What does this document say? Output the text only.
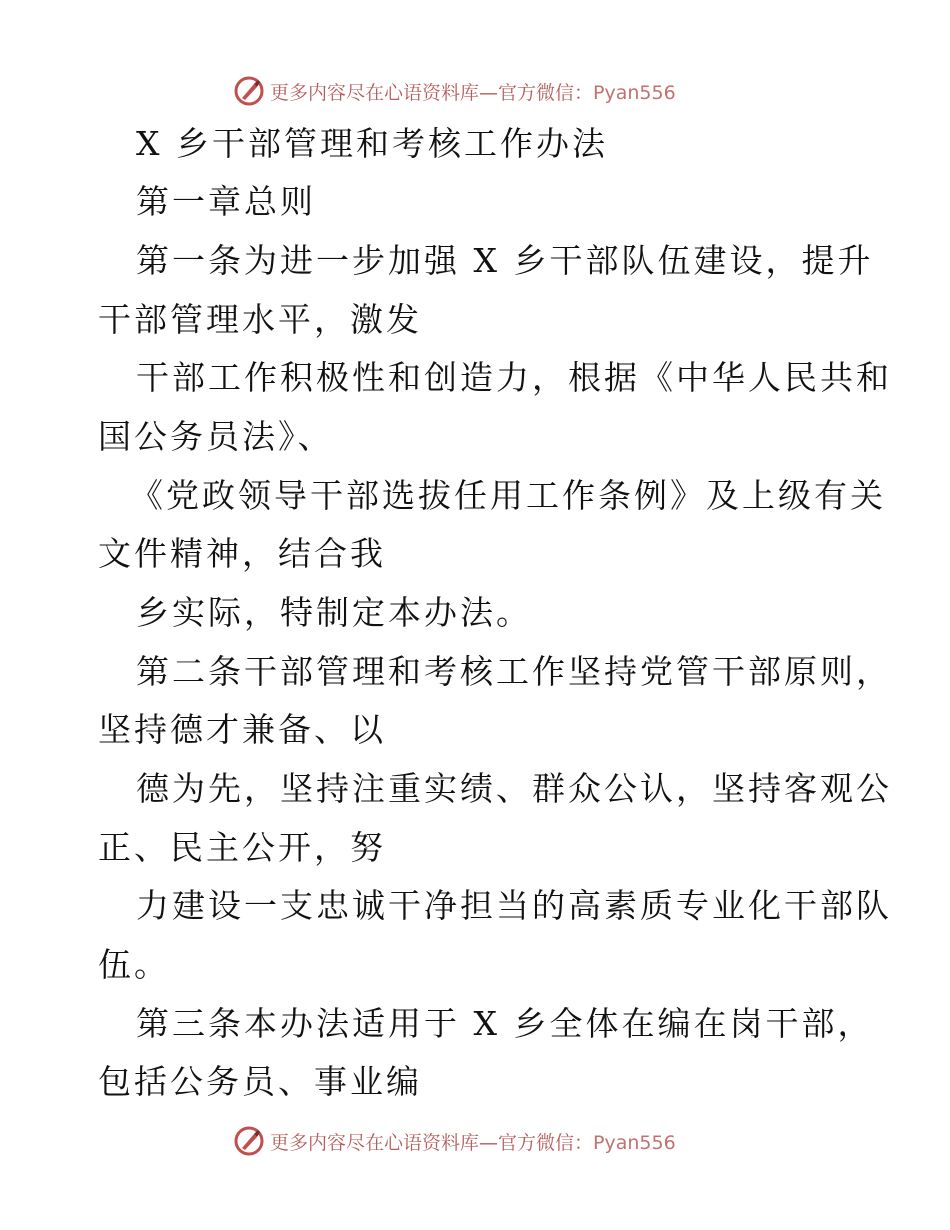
更多内容尽在心语资料库—官方微信：Pyan556
X 乡干部管理和考核工作办法
第一章总则
第一条为进一步加强 X 乡干部队伍建设，提升
干部管理水平，激发
干部工作积极性和创造力，根据《中华人民共和
国公务员法》、
《党政领导干部选拔任用工作条例》及上级有关
文件精神，结合我
乡实际，特制定本办法。
第二条干部管理和考核工作坚持党管干部原则，
坚持德才兼备、以
德为先，坚持注重实绩、群众公认，坚持客观公
正、民主公开，努
力建设一支忠诚干净担当的高素质专业化干部队
伍。
第三条本办法适用于 X 乡全体在编在岗干部，
包括公务员、事业编
更多内容尽在心语资料库—官方微信：Pyan556
